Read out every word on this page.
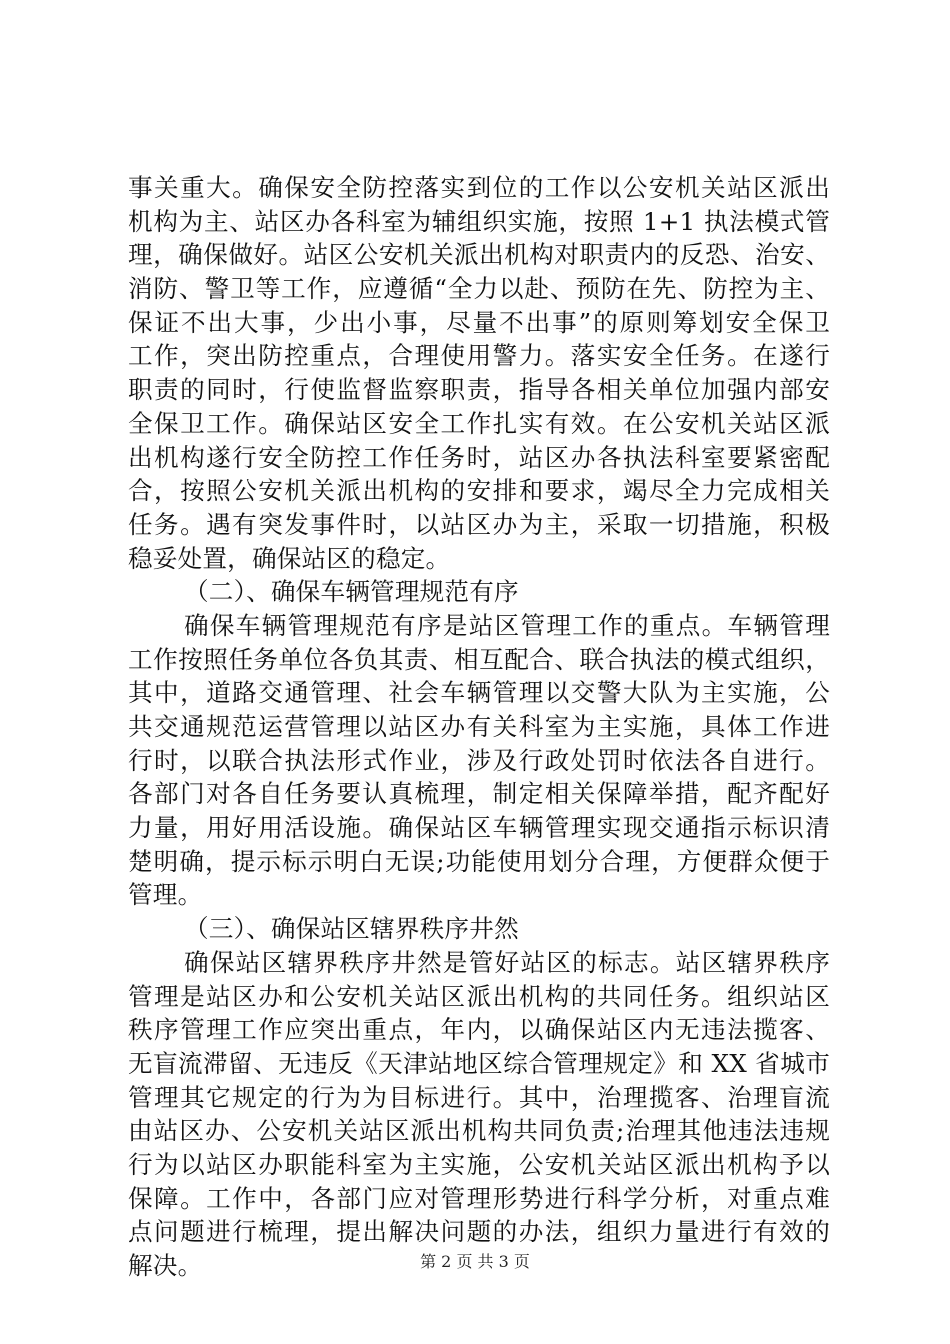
事关重大。确保安全防控落实到位的工作以公安机关站区派出
机构为主、站区办各科室为辅组织实施，按照 1+1 执法模式管
理，确保做好。站区公安机关派出机构对职责内的反恐、治安、
消防、警卫等工作，应遵循“全力以赴、预防在先、防控为主、
保证不出大事，少出小事，尽量不出事”的原则筹划安全保卫
工作，突出防控重点，合理使用警力。落实安全任务。在遂行
职责的同时，行使监督监察职责，指导各相关单位加强内部安
全保卫工作。确保站区安全工作扎实有效。在公安机关站区派
出机构遂行安全防控工作任务时，站区办各执法科室要紧密配
合，按照公安机关派出机构的安排和要求，竭尽全力完成相关
任务。遇有突发事件时，以站区办为主，采取一切措施，积极
稳妥处置，确保站区的稳定。
（二）、确保车辆管理规范有序
确保车辆管理规范有序是站区管理工作的重点。车辆管理
工作按照任务单位各负其责、相互配合、联合执法的模式组织，
其中，道路交通管理、社会车辆管理以交警大队为主实施，公
共交通规范运营管理以站区办有关科室为主实施，具体工作进
行时，以联合执法形式作业，涉及行政处罚时依法各自进行。
各部门对各自任务要认真梳理，制定相关保障举措，配齐配好
力量，用好用活设施。确保站区车辆管理实现交通指示标识清
楚明确，提示标示明白无误;功能使用划分合理，方便群众便于
管理。
（三）、确保站区辖界秩序井然
确保站区辖界秩序井然是管好站区的标志。站区辖界秩序
管理是站区办和公安机关站区派出机构的共同任务。组织站区
秩序管理工作应突出重点，年内，以确保站区内无违法揽客、
无盲流滞留、无违反《天津站地区综合管理规定》和 XX 省城市
管理其它规定的行为为目标进行。其中，治理揽客、治理盲流
由站区办、公安机关站区派出机构共同负责;治理其他违法违规
行为以站区办职能科室为主实施，公安机关站区派出机构予以
保障。工作中，各部门应对管理形势进行科学分析，对重点难
点问题进行梳理，提出解决问题的办法，组织力量进行有效的
解决。	第 2 页 共 3 页
